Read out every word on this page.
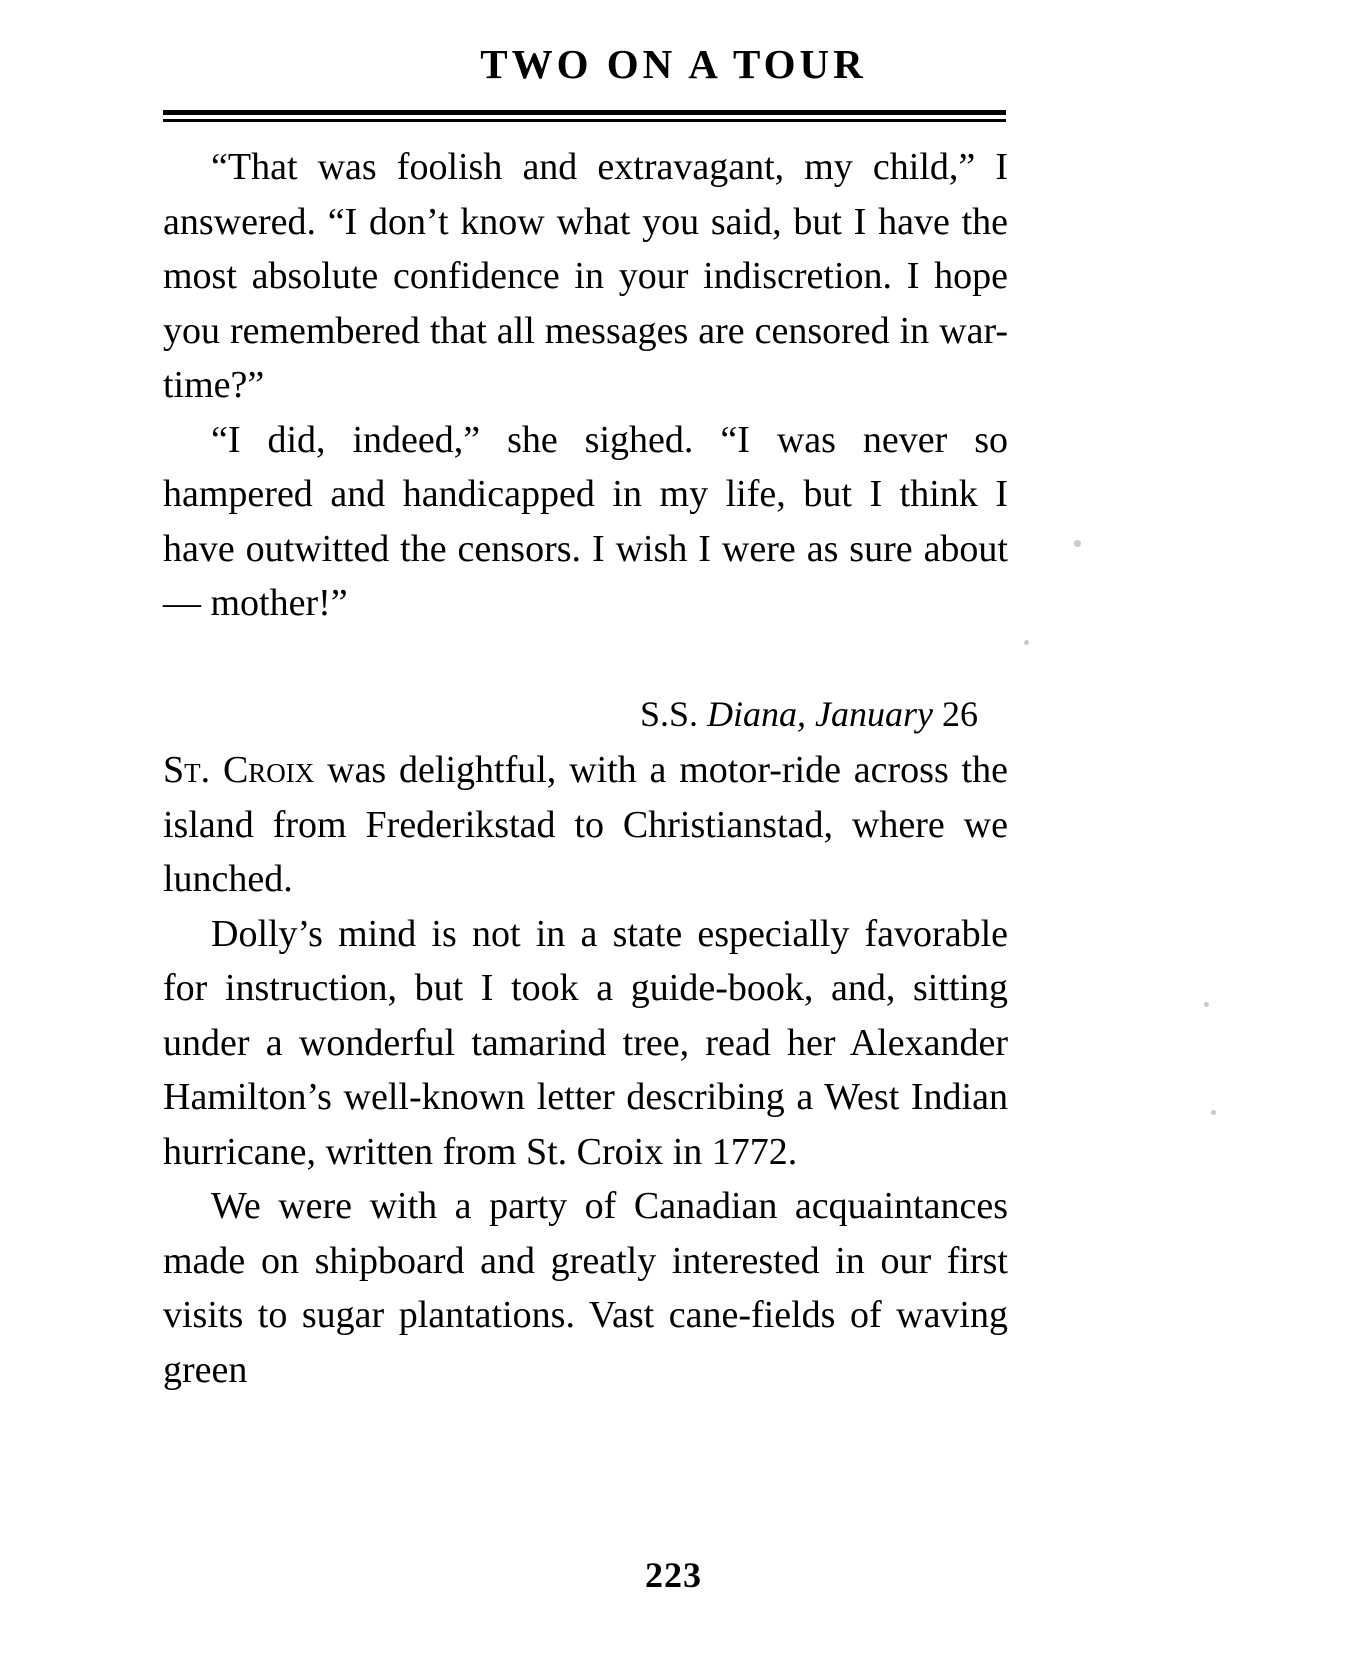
TWO ON A TOUR

“That was foolish and extravagant, my child,” I answered. “I don’t know what you said, but I have the most absolute confidence in your indiscretion. I hope you remembered that all messages are censored in war-time?”

“I did, indeed,” she sighed. “I was never so hampered and handicapped in my life, but I think I have outwitted the censors. I wish I were as sure about — mother!”

S.S. Diana, January 26

St. Croix was delightful, with a motor-ride across the island from Frederikstad to Christianstad, where we lunched.

Dolly’s mind is not in a state especially favorable for instruction, but I took a guide-book, and, sitting under a wonderful tamarind tree, read her Alexander Hamilton’s well-known letter describing a West Indian hurricane, written from St. Croix in 1772.

We were with a party of Canadian acquaintances made on shipboard and greatly interested in our first visits to sugar plantations. Vast cane-fields of waving green

223
